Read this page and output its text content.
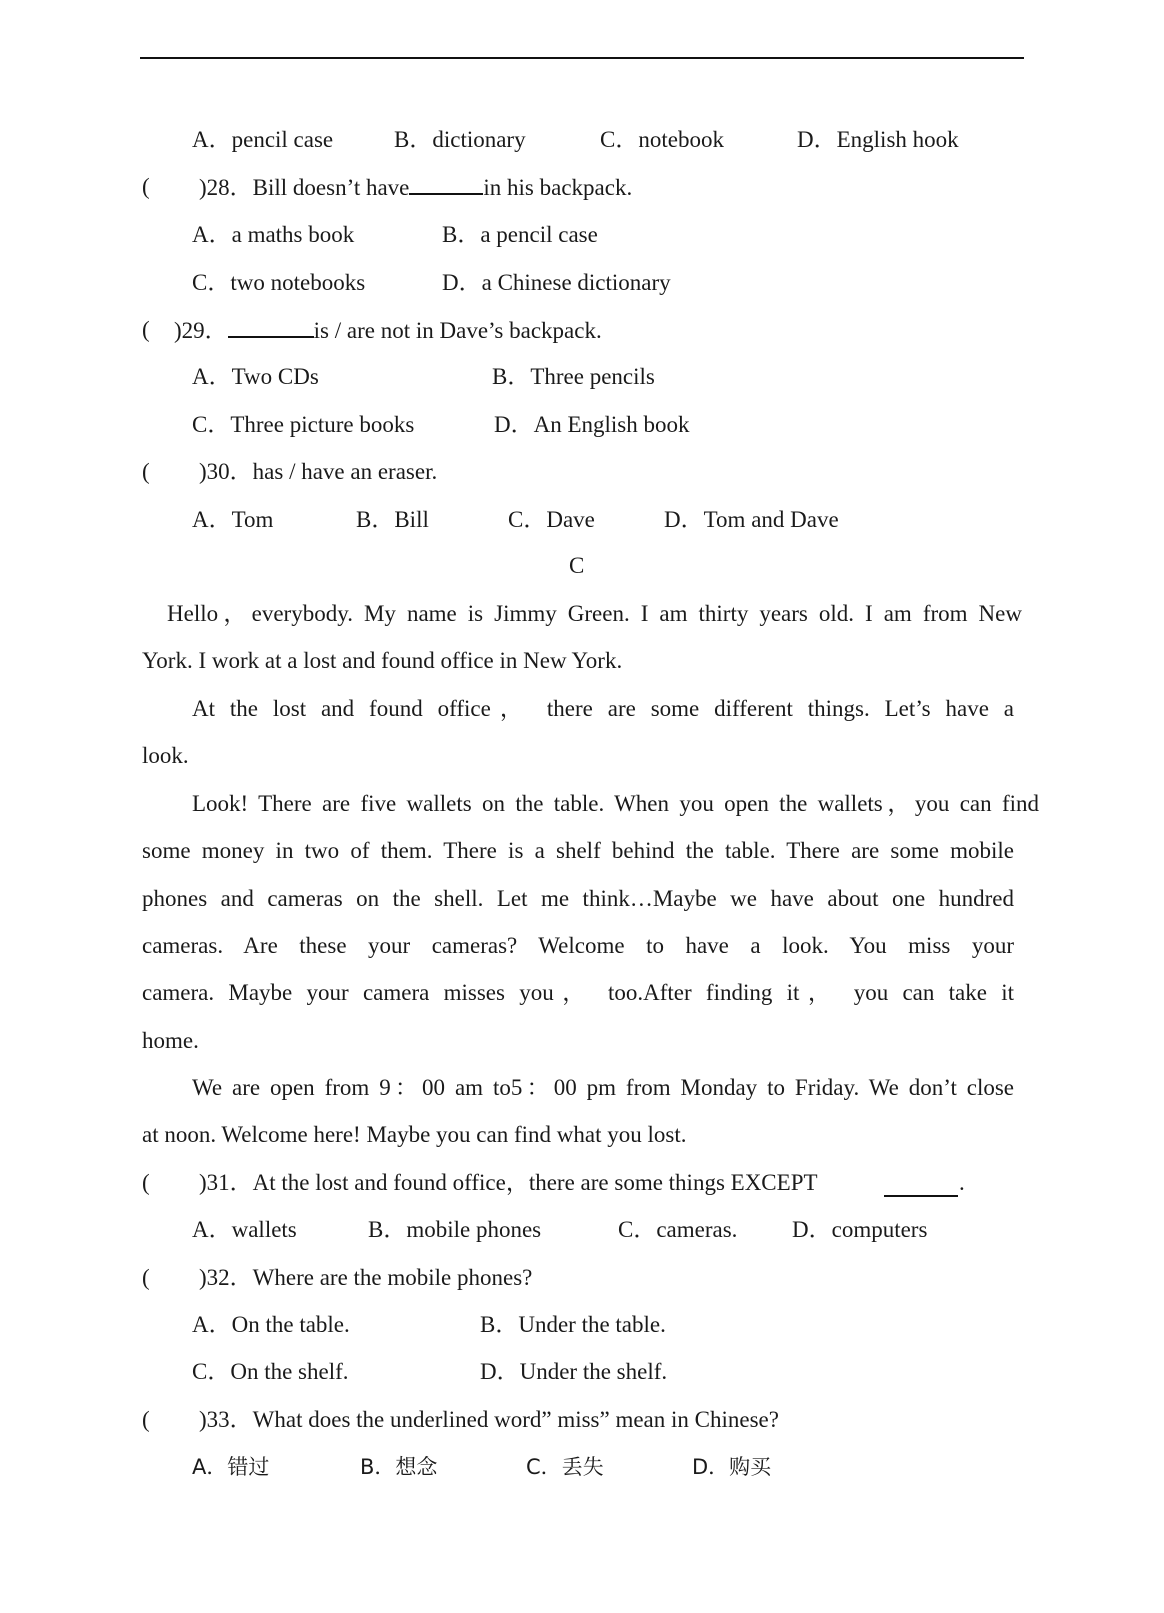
A．pencil case	B．dictionary	C．notebook	D．English hook
( )28．Bill doesn’t have	in his backpack.
A．a maths book	B．a pencil case
C．two notebooks	D．a Chinese dictionary
( )29．	is / are not in Dave’s backpack.
A．Two CDs	B．Three pencils
C．Three picture books	D．An English book
( )30．has / have an eraser.
A．Tom	B．Bill	C．Dave	D．Tom and Dave
C
Hello，everybody. My name is Jimmy Green. I am thirty years old. I am from New
York. I work at a lost and found office in New York.
At the lost and found office， there are some different things. Let’s have a
look.
Look! There are five wallets on the table. When you open the wallets，you can find
some money in two of them. There is a shelf behind the table. There are some mobile
phones and cameras on the shell. Let me think…Maybe we have about one hundred
cameras. Are these your cameras? Welcome to have a look. You miss your
camera. Maybe your camera misses you， too.After finding it， you can take it
home.
We are open from 9：00 am to5：00 pm from Monday to Friday. We don’t close
at noon. Welcome here! Maybe you can find what you lost.
( )31．At the lost and found office，there are some things EXCEPT	.
A．wallets	B．mobile phones	C．cameras. D．computers
( )32．Where are the mobile phones?
A．On the table.	B．Under the table.
C．On the shelf.	D．Under the shelf.
( )33．What does the underlined word” miss” mean in Chinese?
A．错过	B．想念	C．丢失	D．购买
